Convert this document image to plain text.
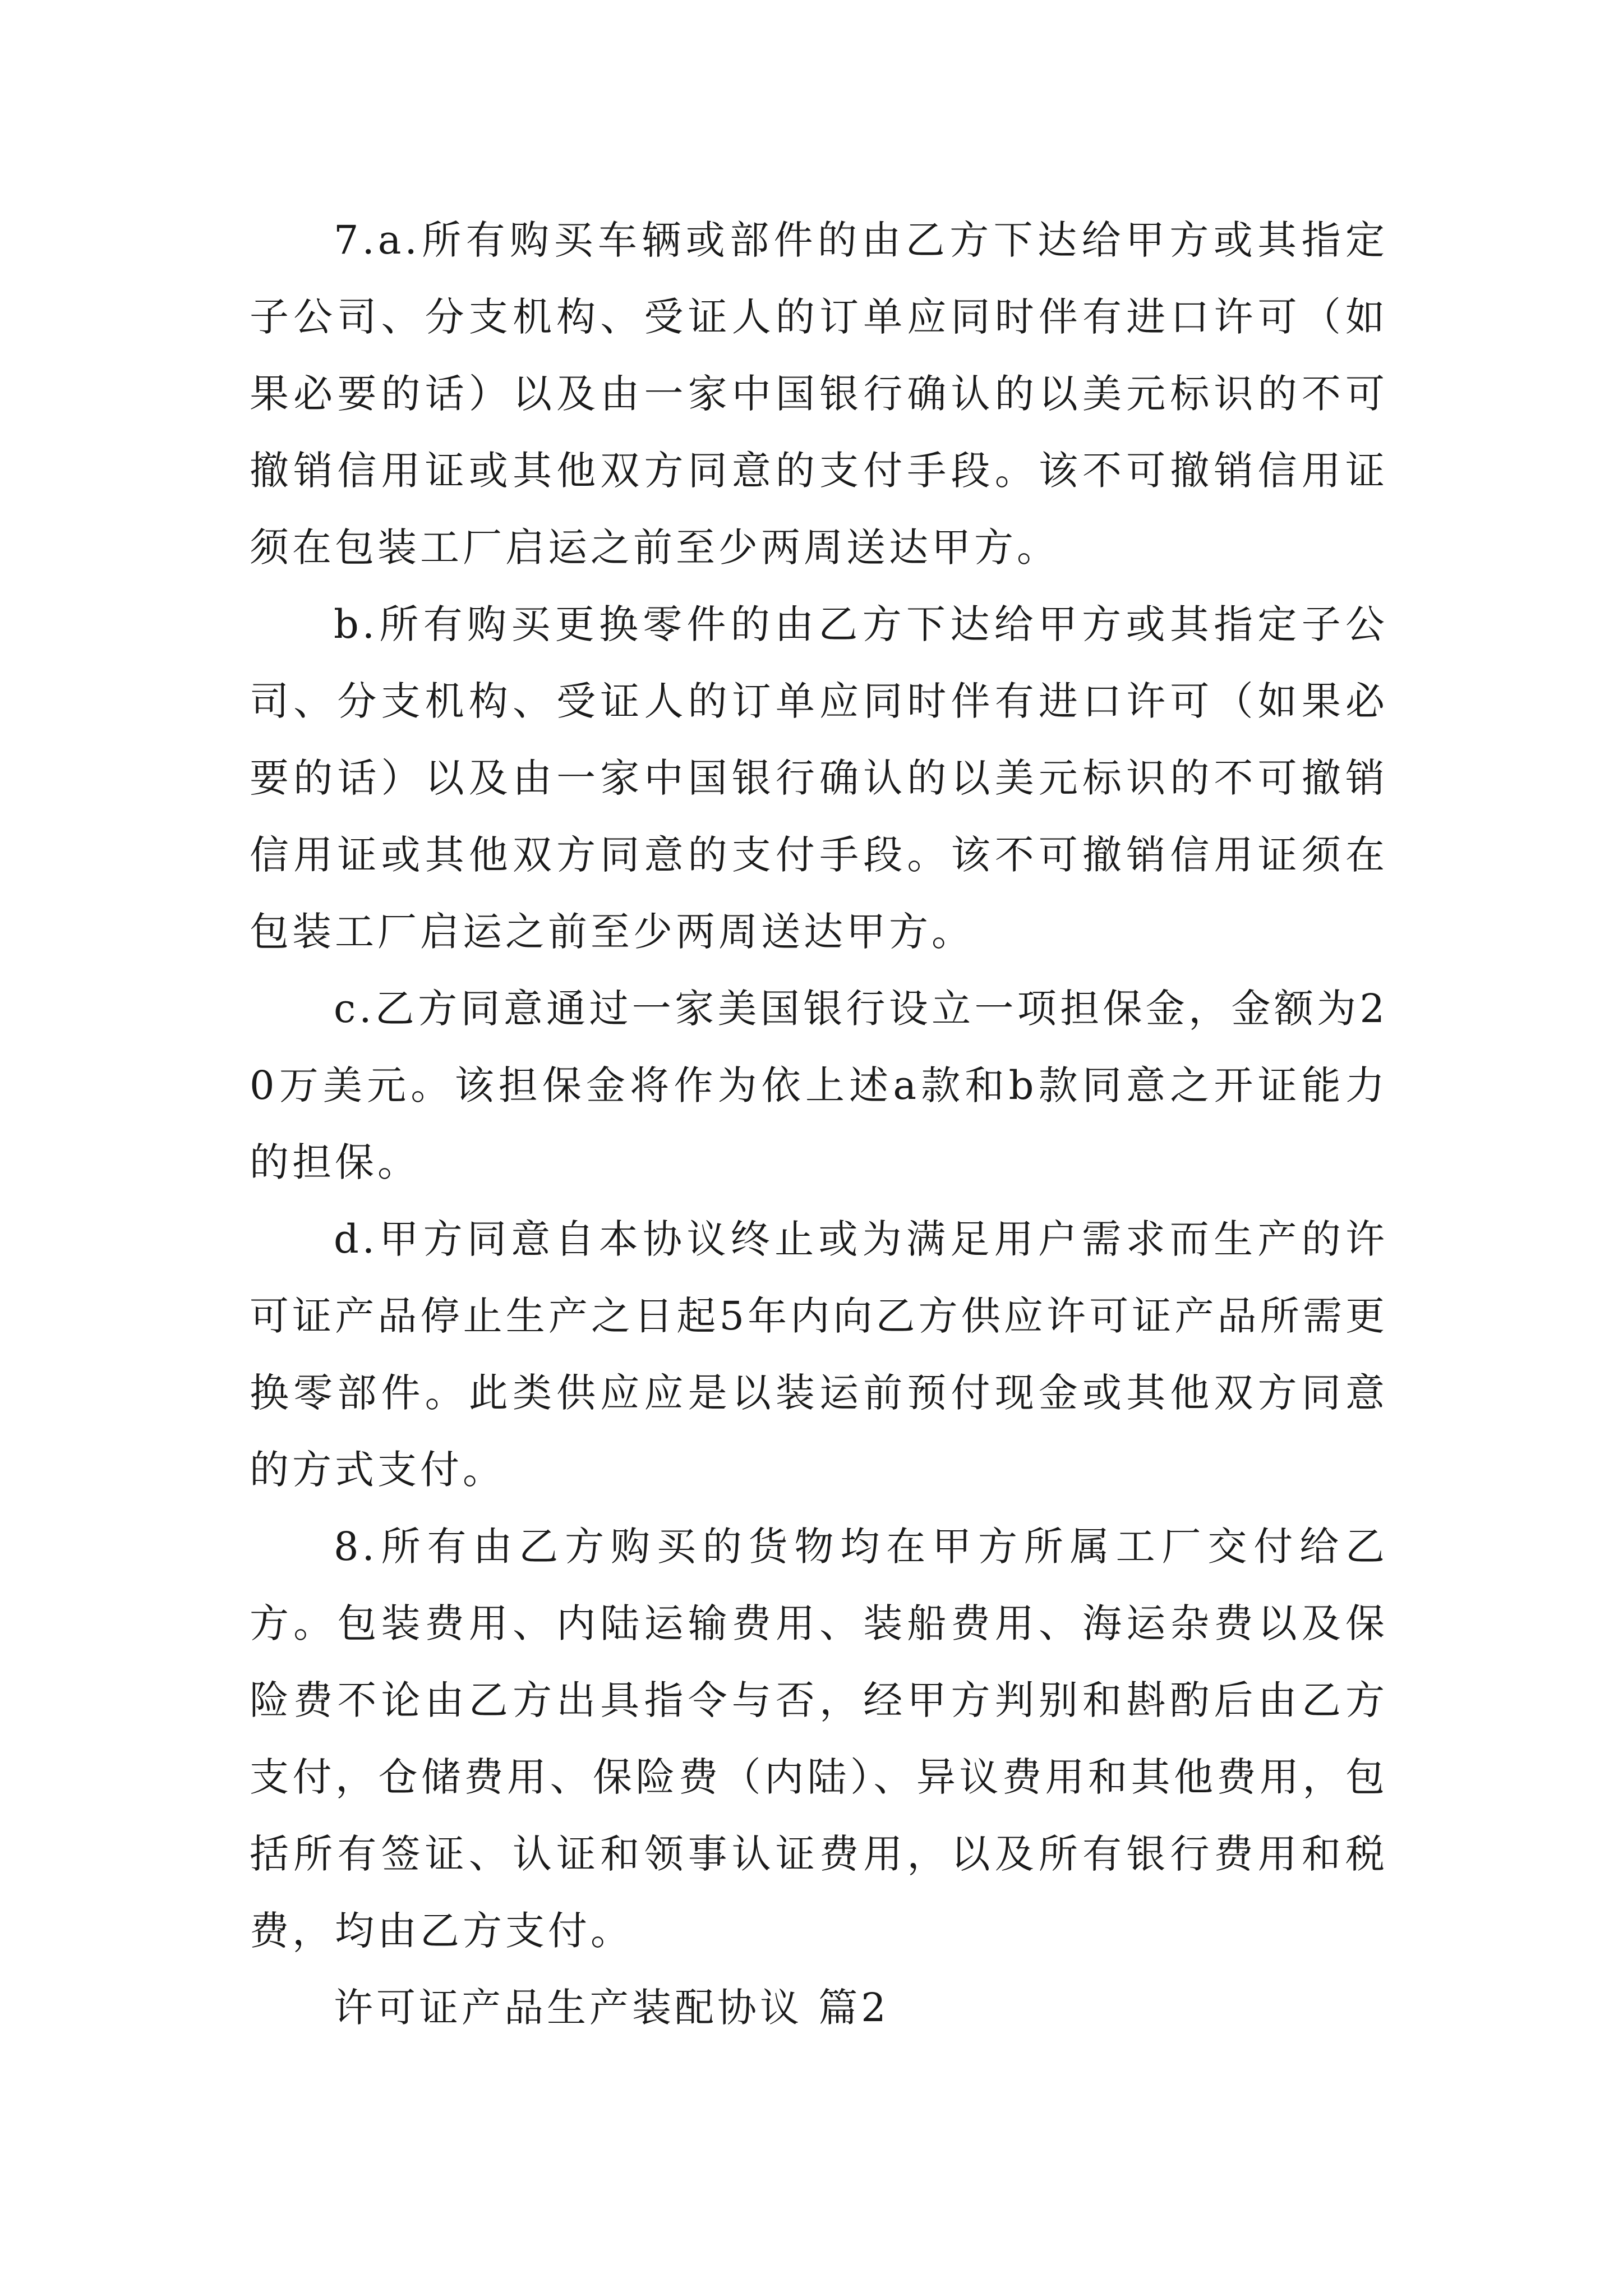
7.a.所有购买车辆或部件的由乙方下达给甲方或其指定子公司、分支机构、受证人的订单应同时伴有进口许可（如果必要的话）以及由一家中国银行确认的以美元标识的不可撤销信用证或其他双方同意的支付手段。该不可撤销信用证须在包装工厂启运之前至少两周送达甲方。

b.所有购买更换零件的由乙方下达给甲方或其指定子公司、分支机构、受证人的订单应同时伴有进口许可（如果必要的话）以及由一家中国银行确认的以美元标识的不可撤销信用证或其他双方同意的支付手段。该不可撤销信用证须在包装工厂启运之前至少两周送达甲方。

c.乙方同意通过一家美国银行设立一项担保金，金额为20万美元。该担保金将作为依上述a款和b款同意之开证能力的担保。

d.甲方同意自本协议终止或为满足用户需求而生产的许可证产品停止生产之日起5年内向乙方供应许可证产品所需更换零部件。此类供应应是以装运前预付现金或其他双方同意的方式支付。

8.所有由乙方购买的货物均在甲方所属工厂交付给乙方。包装费用、内陆运输费用、装船费用、海运杂费以及保险费不论由乙方出具指令与否，经甲方判别和斟酌后由乙方支付，仓储费用、保险费（内陆）、异议费用和其他费用，包括所有签证、认证和领事认证费用，以及所有银行费用和税费，均由乙方支付。

许可证产品生产装配协议 篇2
